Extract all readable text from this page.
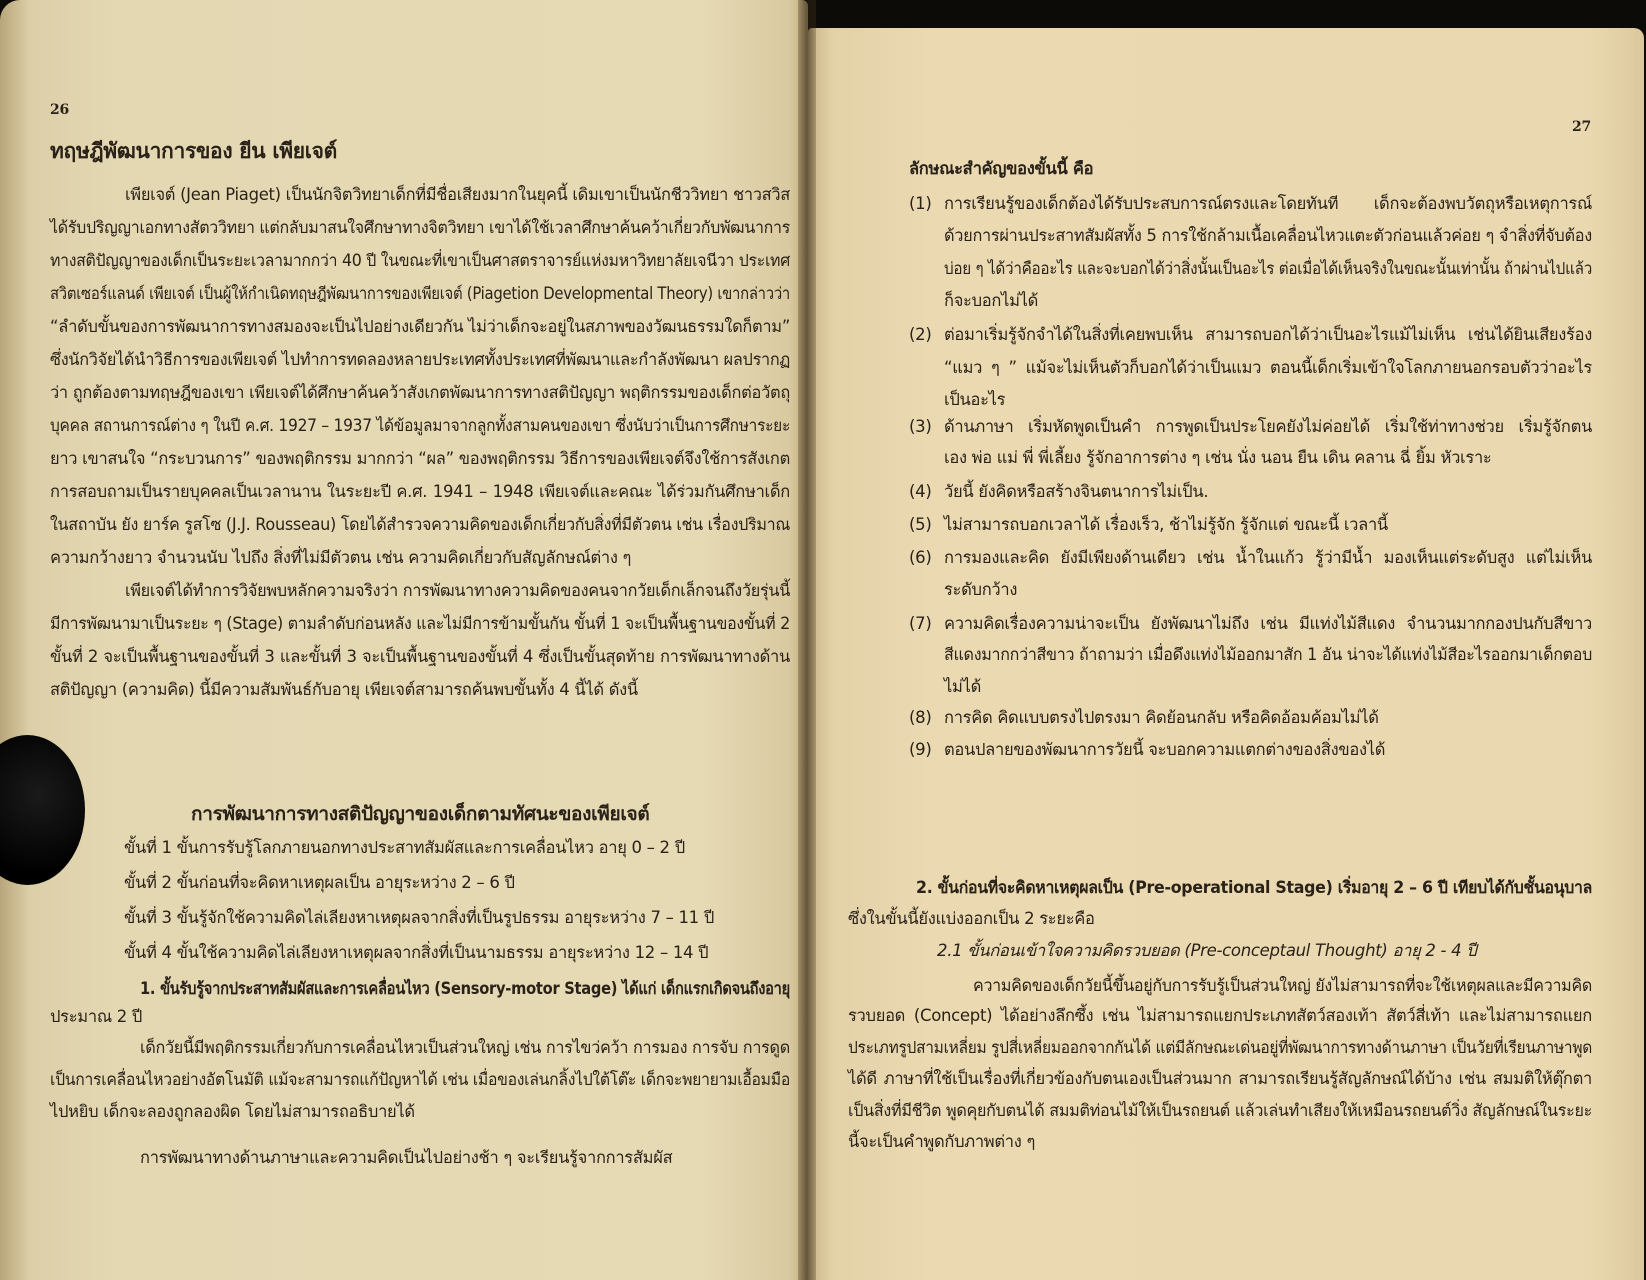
26
ทฤษฎีพัฒนาการของ ยีน เพียเจต์
เพียเจต์ (Jean Piaget) เป็นนักจิตวิทยาเด็กที่มีชื่อเสียงมากในยุคนี้ เดิมเขาเป็นนักชีววิทยา ชาวสวิส
ได้รับปริญญาเอกทางสัตววิทยา แต่กลับมาสนใจศึกษาทางจิตวิทยา เขาได้ใช้เวลาศึกษาค้นคว้าเกี่ยวกับพัฒนาการ
ทางสติปัญญาของเด็กเป็นระยะเวลามากกว่า 40 ปี ในขณะที่เขาเป็นศาสตราจารย์แห่งมหาวิทยาลัยเจนีวา ประเทศ
สวิตเซอร์แลนด์ เพียเจต์ เป็นผู้ให้กำเนิดทฤษฎีพัฒนาการของเพียเจต์ (Piagetion Developmental Theory) เขากล่าวว่า
“ลำดับขั้นของการพัฒนาการทางสมองจะเป็นไปอย่างเดียวกัน ไม่ว่าเด็กจะอยู่ในสภาพของวัฒนธรรมใดก็ตาม”
ซึ่งนักวิจัยได้นำวิธีการของเพียเจต์ ไปทำการทดลองหลายประเทศทั้งประเทศที่พัฒนาและกำลังพัฒนา ผลปรากฏ
ว่า ถูกต้องตามทฤษฎีของเขา เพียเจต์ได้ศึกษาค้นคว้าสังเกตพัฒนาการทางสติปัญญา พฤติกรรมของเด็กต่อวัตถุ
บุคคล สถานการณ์ต่าง ๆ ในปี ค.ศ. 1927 – 1937 ได้ข้อมูลมาจากลูกทั้งสามคนของเขา ซึ่งนับว่าเป็นการศึกษาระยะ
ยาว เขาสนใจ “กระบวนการ” ของพฤติกรรม มากกว่า “ผล” ของพฤติกรรม วิธีการของเพียเจต์จึงใช้การสังเกต
การสอบถามเป็นรายบุคคลเป็นเวลานาน ในระยะปี ค.ศ. 1941 – 1948 เพียเจต์และคณะ ได้ร่วมกันศึกษาเด็ก
ในสถาบัน ยัง ยาร์ค รูสโซ (J.J. Rousseau) โดยได้สำรวจความคิดของเด็กเกี่ยวกับสิ่งที่มีตัวตน เช่น เรื่องปริมาณ
ความกว้างยาว จำนวนนับ ไปถึง สิ่งที่ไม่มีตัวตน เช่น ความคิดเกี่ยวกับสัญลักษณ์ต่าง ๆ
เพียเจต์ได้ทำการวิจัยพบหลักความจริงว่า การพัฒนาทางความคิดของคนจากวัยเด็กเล็กจนถึงวัยรุ่นนี้
มีการพัฒนามาเป็นระยะ ๆ (Stage) ตามลำดับก่อนหลัง และไม่มีการข้ามขั้นกัน ขั้นที่ 1 จะเป็นพื้นฐานของขั้นที่ 2
ขั้นที่ 2 จะเป็นพื้นฐานของขั้นที่ 3 และขั้นที่ 3 จะเป็นพื้นฐานของขั้นที่ 4 ซึ่งเป็นขั้นสุดท้าย การพัฒนาทางด้าน
สติปัญญา (ความคิด) นี้มีความสัมพันธ์กับอายุ เพียเจต์สามารถค้นพบขั้นทั้ง 4 นี้ได้ ดังนี้
การพัฒนาการทางสติปัญญาของเด็กตามทัศนะของเพียเจต์
ขั้นที่ 1 ขั้นการรับรู้โลกภายนอกทางประสาทสัมผัสและการเคลื่อนไหว อายุ 0 – 2 ปี
ขั้นที่ 2 ขั้นก่อนที่จะคิดหาเหตุผลเป็น อายุระหว่าง 2 – 6 ปี
ขั้นที่ 3 ขั้นรู้จักใช้ความคิดไล่เลียงหาเหตุผลจากสิ่งที่เป็นรูปธรรม อายุระหว่าง 7 – 11 ปี
ขั้นที่ 4 ขั้นใช้ความคิดไล่เลียงหาเหตุผลจากสิ่งที่เป็นนามธรรม อายุระหว่าง 12 – 14 ปี
1. ขั้นรับรู้จากประสาทสัมผัสและการเคลื่อนไหว (Sensory-motor Stage) ได้แก่ เด็กแรกเกิดจนถึงอายุ
ประมาณ 2 ปี
เด็กวัยนี้มีพฤติกรรมเกี่ยวกับการเคลื่อนไหวเป็นส่วนใหญ่ เช่น การไขว่คว้า การมอง การจับ การดูด
เป็นการเคลื่อนไหวอย่างอัตโนมัติ แม้จะสามารถแก้ปัญหาได้ เช่น เมื่อของเล่นกลิ้งไปใต้โต๊ะ เด็กจะพยายามเอื้อมมือ
ไปหยิบ เด็กจะลองถูกลองผิด โดยไม่สามารถอธิบายได้
การพัฒนาทางด้านภาษาและความคิดเป็นไปอย่างช้า ๆ จะเรียนรู้จากการสัมผัส
27
ลักษณะสำคัญของขั้นนี้ คือ
(1) การเรียนรู้ของเด็กต้องได้รับประสบการณ์ตรงและโดยทันที เด็กจะต้องพบวัตถุหรือเหตุการณ์
ด้วยการผ่านประสาทสัมผัสทั้ง 5 การใช้กล้ามเนื้อเคลื่อนไหวแตะตัวก่อนแล้วค่อย ๆ จำสิ่งที่จับต้อง
บ่อย ๆ ได้ว่าคืออะไร และจะบอกได้ว่าสิ่งนั้นเป็นอะไร ต่อเมื่อได้เห็นจริงในขณะนั้นเท่านั้น ถ้าผ่านไปแล้ว
ก็จะบอกไม่ได้
(2) ต่อมาเริ่มรู้จักจำได้ในสิ่งที่เคยพบเห็น สามารถบอกได้ว่าเป็นอะไรแม้ไม่เห็น เช่นได้ยินเสียงร้อง
“แมว ๆ ” แม้จะไม่เห็นตัวก็บอกได้ว่าเป็นแมว ตอนนี้เด็กเริ่มเข้าใจโลกภายนอกรอบตัวว่าอะไร
เป็นอะไร
(3) ด้านภาษา เริ่มหัดพูดเป็นคำ การพูดเป็นประโยคยังไม่ค่อยได้ เริ่มใช้ท่าทางช่วย เริ่มรู้จักตน
เอง พ่อ แม่ พี่ พี่เลี้ยง รู้จักอาการต่าง ๆ เช่น นั่ง นอน ยืน เดิน คลาน ฉี่ ยิ้ม หัวเราะ
(4) วัยนี้ ยังคิดหรือสร้างจินตนาการไม่เป็น.
(5) ไม่สามารถบอกเวลาได้ เรื่องเร็ว, ช้าไม่รู้จัก รู้จักแต่ ขณะนี้ เวลานี้
(6) การมองและคิด ยังมีเพียงด้านเดียว เช่น น้ำในแก้ว รู้ว่ามีน้ำ มองเห็นแต่ระดับสูง แต่ไม่เห็น
ระดับกว้าง
(7) ความคิดเรื่องความน่าจะเป็น ยังพัฒนาไม่ถึง เช่น มีแท่งไม้สีแดง จำนวนมากกองปนกับสีขาว
สีแดงมากกว่าสีขาว ถ้าถามว่า เมื่อดึงแท่งไม้ออกมาสัก 1 อัน น่าจะได้แท่งไม้สีอะไรออกมาเด็กตอบ
ไม่ได้
(8) การคิด คิดแบบตรงไปตรงมา คิดย้อนกลับ หรือคิดอ้อมค้อมไม่ได้
(9) ตอนปลายของพัฒนาการวัยนี้ จะบอกความแตกต่างของสิ่งของได้
2. ขั้นก่อนที่จะคิดหาเหตุผลเป็น (Pre-operational Stage) เริ่มอายุ 2 – 6 ปี เทียบได้กับชั้นอนุบาล
ซึ่งในขั้นนี้ยังแบ่งออกเป็น 2 ระยะคือ
2.1 ขั้นก่อนเข้าใจความคิดรวบยอด (Pre-conceptaul Thought) อายุ 2 - 4 ปี
ความคิดของเด็กวัยนี้ขึ้นอยู่กับการรับรู้เป็นส่วนใหญ่ ยังไม่สามารถที่จะใช้เหตุผลและมีความคิด
รวบยอด (Concept) ได้อย่างลึกซึ้ง เช่น ไม่สามารถแยกประเภทสัตว์สองเท้า สัตว์สี่เท้า และไม่สามารถแยก
ประเภทรูปสามเหลี่ยม รูปสี่เหลี่ยมออกจากกันได้ แต่มีลักษณะเด่นอยู่ที่พัฒนาการทางด้านภาษา เป็นวัยที่เรียนภาษาพูด
ได้ดี ภาษาที่ใช้เป็นเรื่องที่เกี่ยวข้องกับตนเองเป็นส่วนมาก สามารถเรียนรู้สัญลักษณ์ได้บ้าง เช่น สมมติให้ตุ๊กตา
เป็นสิ่งที่มีชีวิต พูดคุยกับตนได้ สมมติท่อนไม้ให้เป็นรถยนต์ แล้วเล่นทำเสียงให้เหมือนรถยนต์วิ่ง สัญลักษณ์ในระยะ
นี้จะเป็นคำพูดกับภาพต่าง ๆ
